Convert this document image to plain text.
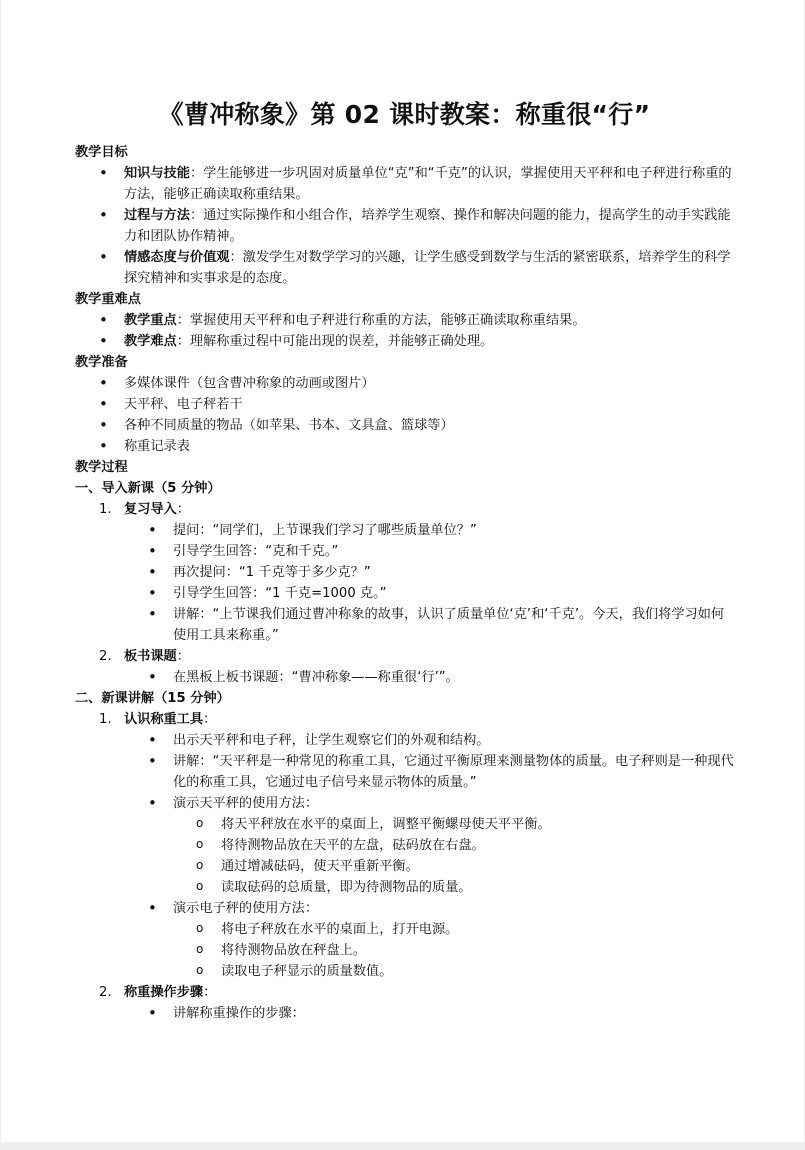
《曹冲称象》第 02 课时教案：称重很“行”
教学目标
• 知识与技能：学生能够进一步巩固对质量单位“克”和“千克”的认识，掌握使用天平秤和电子秤进行称重的方法，能够正确读取称重结果。
• 过程与方法：通过实际操作和小组合作，培养学生观察、操作和解决问题的能力，提高学生的动手实践能力和团队协作精神。
• 情感态度与价值观：激发学生对数学学习的兴趣，让学生感受到数学与生活的紧密联系，培养学生的科学探究精神和实事求是的态度。
教学重难点
• 教学重点：掌握使用天平秤和电子秤进行称重的方法，能够正确读取称重结果。
• 教学难点：理解称重过程中可能出现的误差，并能够正确处理。
教学准备
• 多媒体课件（包含曹冲称象的动画或图片）
• 天平秤、电子秤若干
• 各种不同质量的物品（如苹果、书本、文具盒、篮球等）
• 称重记录表
教学过程
一、导入新课（5 分钟）
1. 复习导入：
• 提问：“同学们，上节课我们学习了哪些质量单位？”
• 引导学生回答：“克和千克。”
• 再次提问：“1 千克等于多少克？”
• 引导学生回答：“1 千克=1000 克。”
• 讲解：“上节课我们通过曹冲称象的故事，认识了质量单位‘克’和‘千克’。今天，我们将学习如何使用工具来称重。”
2. 板书课题：
• 在黑板上板书课题：“曹冲称象——称重很‘行’”。
二、新课讲解（15 分钟）
1. 认识称重工具：
• 出示天平秤和电子秤，让学生观察它们的外观和结构。
• 讲解：“天平秤是一种常见的称重工具，它通过平衡原理来测量物体的质量。电子秤则是一种现代化的称重工具，它通过电子信号来显示物体的质量。”
• 演示天平秤的使用方法：
o 将天平秤放在水平的桌面上，调整平衡螺母使天平平衡。
o 将待测物品放在天平的左盘，砝码放在右盘。
o 通过增减砝码，使天平重新平衡。
o 读取砝码的总质量，即为待测物品的质量。
• 演示电子秤的使用方法：
o 将电子秤放在水平的桌面上，打开电源。
o 将待测物品放在秤盘上。
o 读取电子秤显示的质量数值。
2. 称重操作步骤：
• 讲解称重操作的步骤：
